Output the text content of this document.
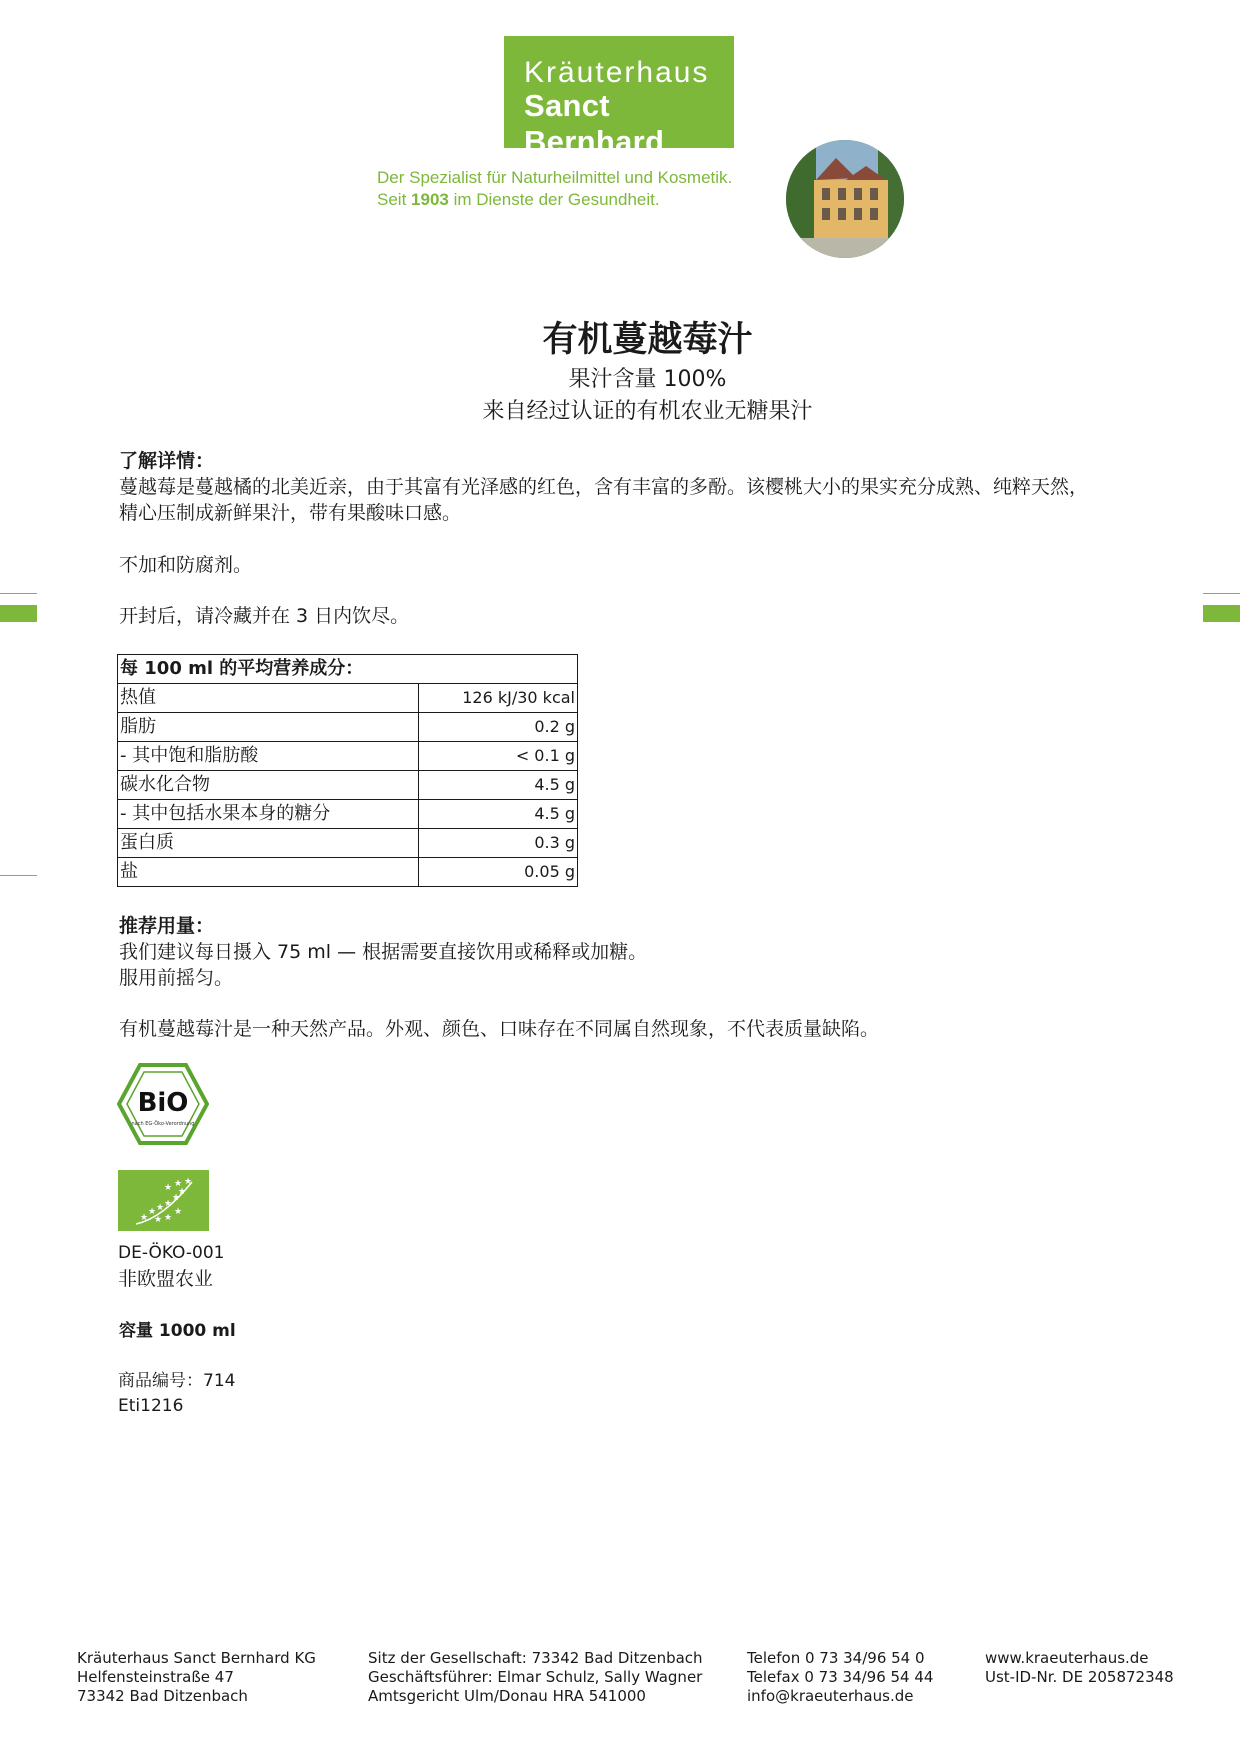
Kräuterhaus
Sanct Bernhard
Der Spezialist für Naturheilmittel und Kosmetik.
Seit 1903 im Dienste der Gesundheit.
有机蔓越莓汁
果汁含量 100%
来自经过认证的有机农业无糖果汁
了解详情：
蔓越莓是蔓越橘的北美近亲，由于其富有光泽感的红色，含有丰富的多酚。该樱桃大小的果实充分成熟、纯粹天然，
精心压制成新鲜果汁，带有果酸味口感。
不加和防腐剂。
开封后，请冷藏并在 3 日内饮尽。
每 100 ml 的平均营养成分：	
热值	126 kJ/30 kcal
脂肪	0.2 g
- 其中饱和脂肪酸	< 0.1 g
碳水化合物	4.5 g
- 其中包括水果本身的糖分	4.5 g
蛋白质	0.3 g
盐	0.05 g
推荐用量：
我们建议每日摄入 75 ml — 根据需要直接饮用或稀释或加糖。
服用前摇匀。
有机蔓越莓汁是一种天然产品。外观、颜色、口味存在不同属自然现象，不代表质量缺陷。
BiO
nach EG-Öko-Verordnung
★
★ ★ ★
★
★
★ ★ ★
★ ★
★
DE-ÖKO-001
非欧盟农业
容量 1000 ml
商品编号：714
Eti1216
Kräuterhaus Sanct Bernhard KG
Helfensteinstraße 47
73342 Bad Ditzenbach
Sitz der Gesellschaft: 73342 Bad Ditzenbach
Geschäftsführer: Elmar Schulz, Sally Wagner
Amtsgericht Ulm/Donau HRA 541000
Telefon 0 73 34/96 54 0
Telefax 0 73 34/96 54 44
info@kraeuterhaus.de
www.kraeuterhaus.de
Ust-ID-Nr. DE 205872348
